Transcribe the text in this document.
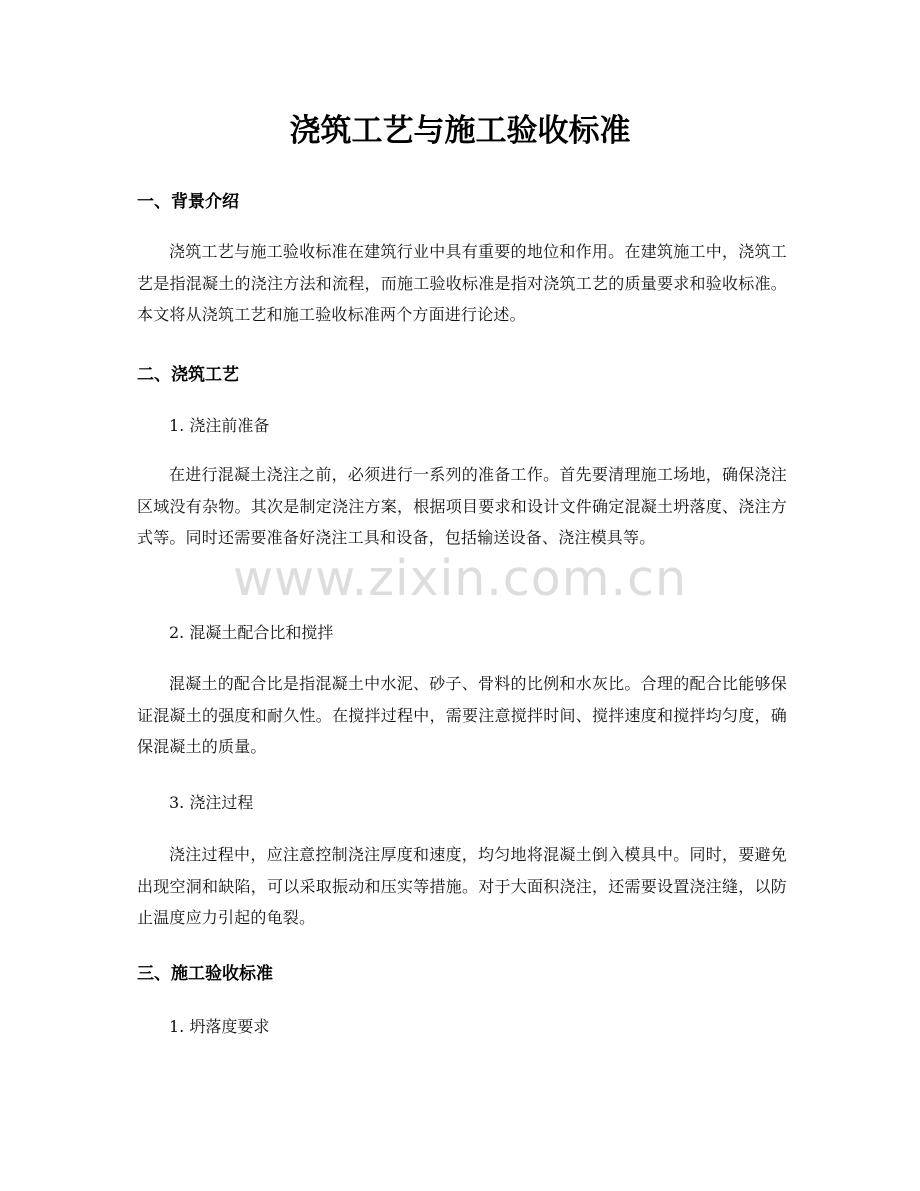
浇筑工艺与施工验收标准
一、背景介绍

浇筑工艺与施工验收标准在建筑行业中具有重要的地位和作用。在建筑施工中，浇筑工艺是指混凝土的浇注方法和流程，而施工验收标准是指对浇筑工艺的质量要求和验收标准。本文将从浇筑工艺和施工验收标准两个方面进行论述。

二、浇筑工艺

1. 浇注前准备

在进行混凝土浇注之前，必须进行一系列的准备工作。首先要清理施工场地，确保浇注区域没有杂物。其次是制定浇注方案，根据项目要求和设计文件确定混凝土坍落度、浇注方式等。同时还需要准备好浇注工具和设备，包括输送设备、浇注模具等。

2. 混凝土配合比和搅拌

混凝土的配合比是指混凝土中水泥、砂子、骨料的比例和水灰比。合理的配合比能够保证混凝土的强度和耐久性。在搅拌过程中，需要注意搅拌时间、搅拌速度和搅拌均匀度，确保混凝土的质量。

3. 浇注过程

浇注过程中，应注意控制浇注厚度和速度，均匀地将混凝土倒入模具中。同时，要避免出现空洞和缺陷，可以采取振动和压实等措施。对于大面积浇注，还需要设置浇注缝，以防止温度应力引起的龟裂。

三、施工验收标准

1. 坍落度要求

www.zixin.com.cn
